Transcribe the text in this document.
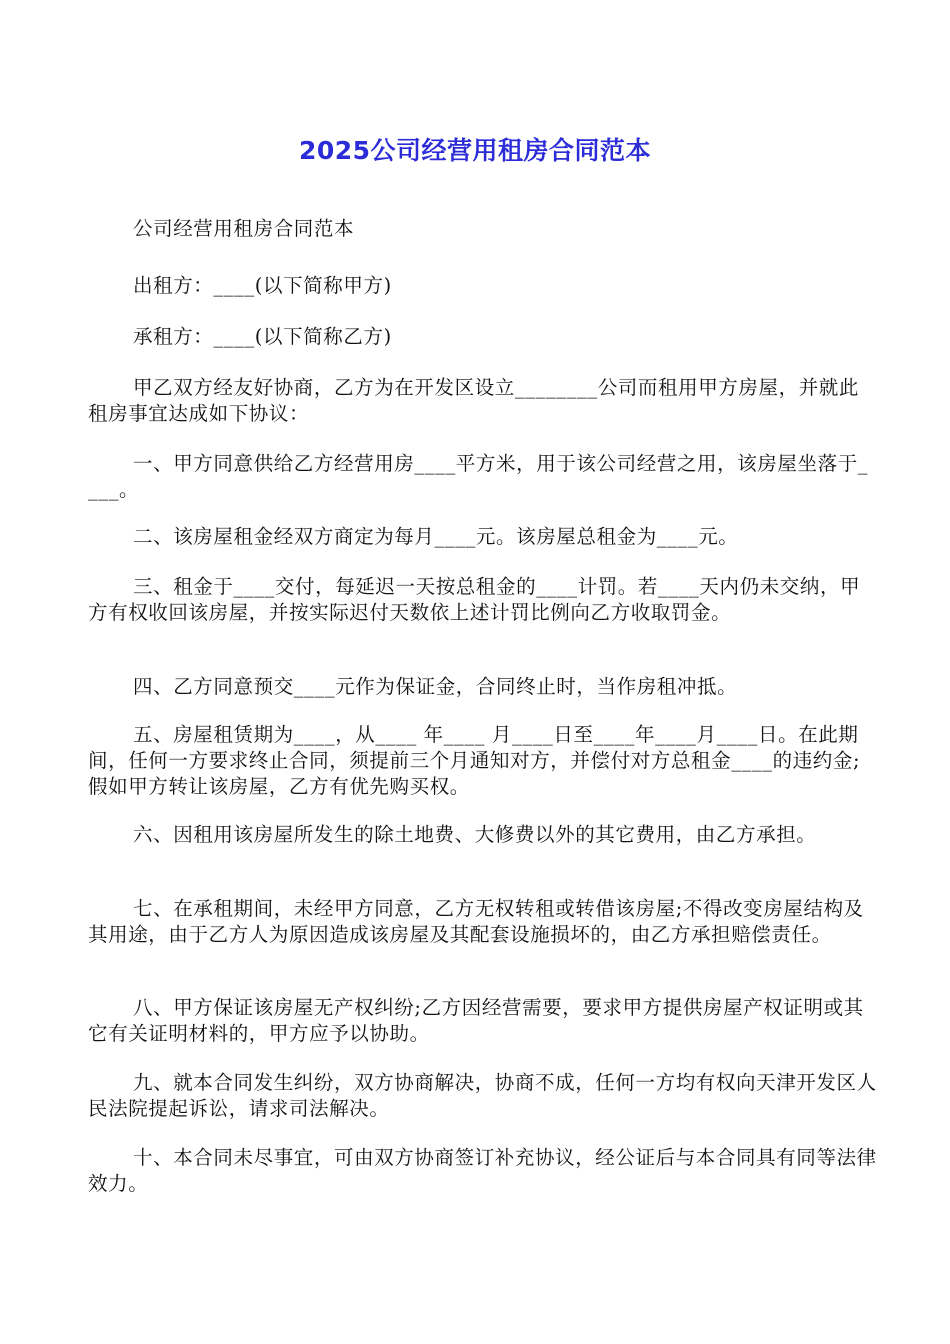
2025公司经营用租房合同范本

公司经营用租房合同范本

出租方：____(以下简称甲方)

承租方：____(以下简称乙方)

甲乙双方经友好协商，乙方为在开发区设立________公司而租用甲方房屋，并就此租房事宜达成如下协议：

一、甲方同意供给乙方经营用房____平方米，用于该公司经营之用，该房屋坐落于____。

二、该房屋租金经双方商定为每月____元。该房屋总租金为____元。

三、租金于____交付，每延迟一天按总租金的____计罚。若____天内仍未交纳，甲方有权收回该房屋，并按实际迟付天数依上述计罚比例向乙方收取罚金。

四、乙方同意预交____元作为保证金，合同终止时，当作房租冲抵。

五、房屋租赁期为____，从____ 年____ 月____日至____年____月____日。在此期间，任何一方要求终止合同，须提前三个月通知对方，并偿付对方总租金____的违约金;假如甲方转让该房屋，乙方有优先购买权。

六、因租用该房屋所发生的除土地费、大修费以外的其它费用，由乙方承担。

七、在承租期间，未经甲方同意，乙方无权转租或转借该房屋;不得改变房屋结构及其用途，由于乙方人为原因造成该房屋及其配套设施损坏的，由乙方承担赔偿责任。

八、甲方保证该房屋无产权纠纷;乙方因经营需要，要求甲方提供房屋产权证明或其它有关证明材料的，甲方应予以协助。

九、就本合同发生纠纷，双方协商解决，协商不成，任何一方均有权向天津开发区人民法院提起诉讼，请求司法解决。

十、本合同未尽事宜，可由双方协商签订补充协议，经公证后与本合同具有同等法律效力。
